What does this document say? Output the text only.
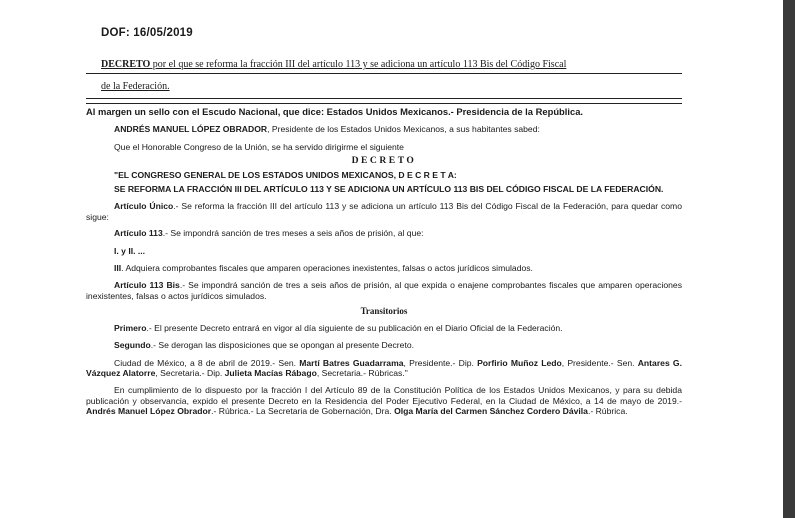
DOF: 16/05/2019
DECRETO por el que se reforma la fracción III del artículo 113 y se adiciona un artículo 113 Bis del Código Fiscal
de la Federación.

Al margen un sello con el Escudo Nacional, que dice: Estados Unidos Mexicanos.- Presidencia de la República.

ANDRÉS MANUEL LÓPEZ OBRADOR, Presidente de los Estados Unidos Mexicanos, a sus habitantes sabed:

Que el Honorable Congreso de la Unión, se ha servido dirigirme el siguiente

DECRETO

"EL CONGRESO GENERAL DE LOS ESTADOS UNIDOS MEXICANOS, D E C R E T A:

SE REFORMA LA FRACCIÓN III DEL ARTÍCULO 113 Y SE ADICIONA UN ARTÍCULO 113 BIS DEL CÓDIGO FISCAL DE LA FEDERACIÓN.

Artículo Único.- Se reforma la fracción III del artículo 113 y se adiciona un artículo 113 Bis del Código Fiscal de la Federación, para quedar como sigue:

Artículo 113.- Se impondrá sanción de tres meses a seis años de prisión, al que:

I. y II. ...

III. Adquiera comprobantes fiscales que amparen operaciones inexistentes, falsas o actos jurídicos simulados.

Artículo 113 Bis.- Se impondrá sanción de tres a seis años de prisión, al que expida o enajene comprobantes fiscales que amparen operaciones inexistentes, falsas o actos jurídicos simulados.

Transitorios

Primero.- El presente Decreto entrará en vigor al día siguiente de su publicación en el Diario Oficial de la Federación.

Segundo.- Se derogan las disposiciones que se opongan al presente Decreto.

Ciudad de México, a 8 de abril de 2019.- Sen. Martí Batres Guadarrama, Presidente.- Dip. Porfirio Muñoz Ledo, Presidente.- Sen. Antares G. Vázquez Alatorre, Secretaria.- Dip. Julieta Macías Rábago, Secretaria.- Rúbricas."

En cumplimiento de lo dispuesto por la fracción I del Artículo 89 de la Constitución Política de los Estados Unidos Mexicanos, y para su debida publicación y observancia, expido el presente Decreto en la Residencia del Poder Ejecutivo Federal, en la Ciudad de México, a 14 de mayo de 2019.- Andrés Manuel López Obrador.- Rúbrica.- La Secretaria de Gobernación, Dra. Olga María del Carmen Sánchez Cordero Dávila.- Rúbrica.
